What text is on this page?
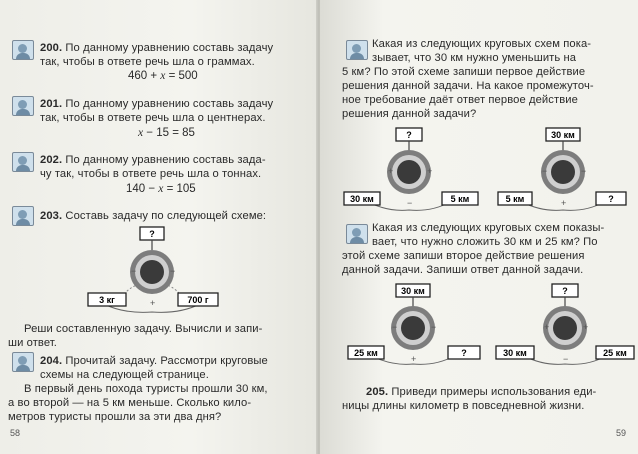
200. По данному уравнению составь задачу
так, чтобы в ответе речь шла о граммах.
460 + x = 500
201. По данному уравнению составь задачу
так, чтобы в ответе речь шла о центнерах.
x − 15 = 85
202. По данному уравнению составь зада-
чу так, чтобы в ответе речь шла о тоннах.
140 − x = 105
203. Составь задачу по следующей схеме:
?
−	−
+
3 кг	700 г
Реши составленную задачу. Вычисли и запи-
ши ответ.
204. Прочитай задачу. Рассмотри круговые
схемы на следующей странице.
В первый день похода туристы прошли 30 км,
а во второй — на 5 км меньше. Сколько кило-
метров туристы прошли за эти два дня?
58
Какая из следующих круговых схем пока-
зывает, что 30 км нужно уменьшить на
5 км? По этой схеме запиши первое действие
решения данной задачи. На какое промежуточ-
ное требование даёт ответ первое действие
решения данной задачи?
?
+	+
−
30 км	5 км
30 км
−	−
+
5 км	?
Какая из следующих круговых схем показы-
вает, что нужно сложить 30 км и 25 км? По
этой схеме запиши второе действие решения
данной задачи. Запиши ответ данной задачи.
30 км
−	−
+
25 км	?
?
+	+
−
30 км	25 км
205. Приведи примеры использования еди-
ницы длины километр в повседневной жизни.
59
